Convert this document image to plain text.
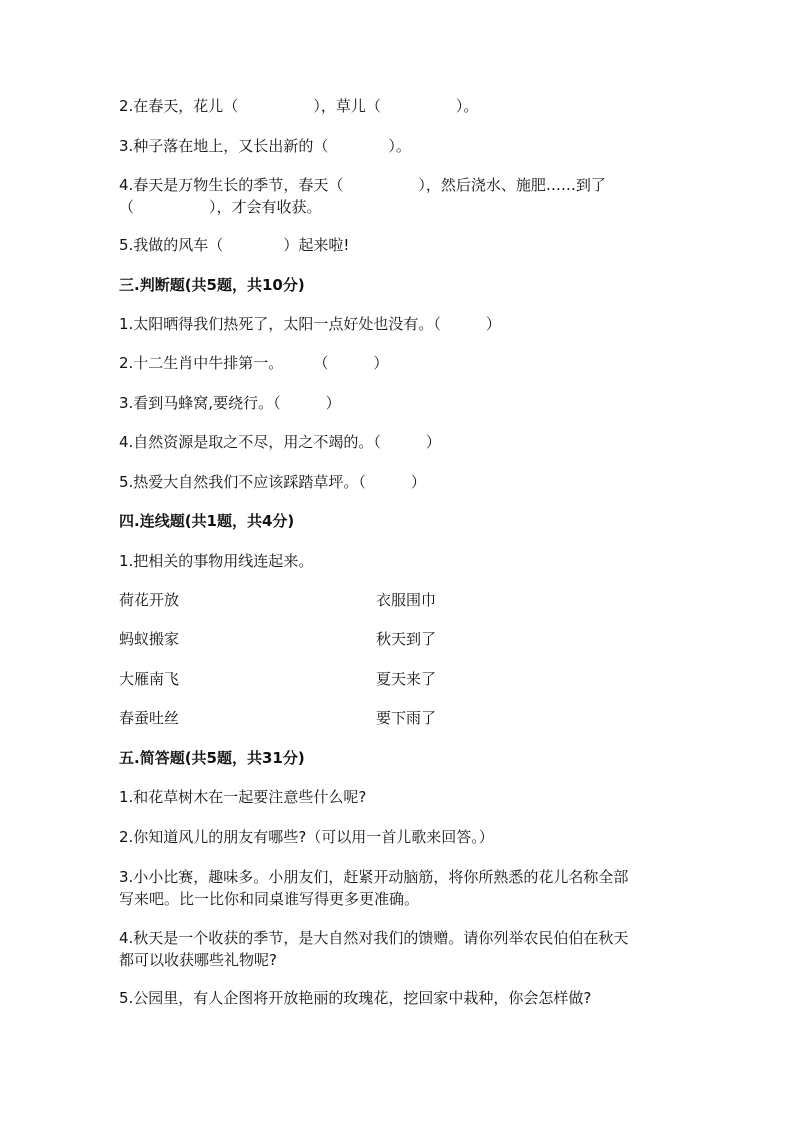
2.在春天，花儿（　　　　　），草儿（　　　　　）。

3.种子落在地上，又长出新的（　　　　）。

4.春天是万物生长的季节，春天（　　　　　），然后浇水、施肥……到了

（　　　　　），才会有收获。

5.我做的风车（　　　　）起来啦!

三.判断题(共5题，共10分)

1.太阳晒得我们热死了，太阳一点好处也没有。（　　　）

2.十二生肖中牛排第一。　　　（　　　）

3.看到马蜂窝,要绕行。（　　　）

4.自然资源是取之不尽，用之不竭的。（　　　）

5.热爱大自然我们不应该踩踏草坪。（　　　）

四.连线题(共1题，共4分)

1.把相关的事物用线连起来。

荷花开放	衣服围巾

蚂蚁搬家	秋天到了

大雁南飞	夏天来了

春蚕吐丝	要下雨了

五.简答题(共5题，共31分)

1.和花草树木在一起要注意些什么呢?

2.你知道风儿的朋友有哪些?（可以用一首儿歌来回答。）

3.小小比赛，趣味多。小朋友们，赶紧开动脑筋，将你所熟悉的花儿名称全部

写来吧。比一比你和同桌谁写得更多更准确。

4.秋天是一个收获的季节，是大自然对我们的馈赠。请你列举农民伯伯在秋天

都可以收获哪些礼物呢?

5.公园里，有人企图将开放艳丽的玫瑰花，挖回家中栽种，你会怎样做?
